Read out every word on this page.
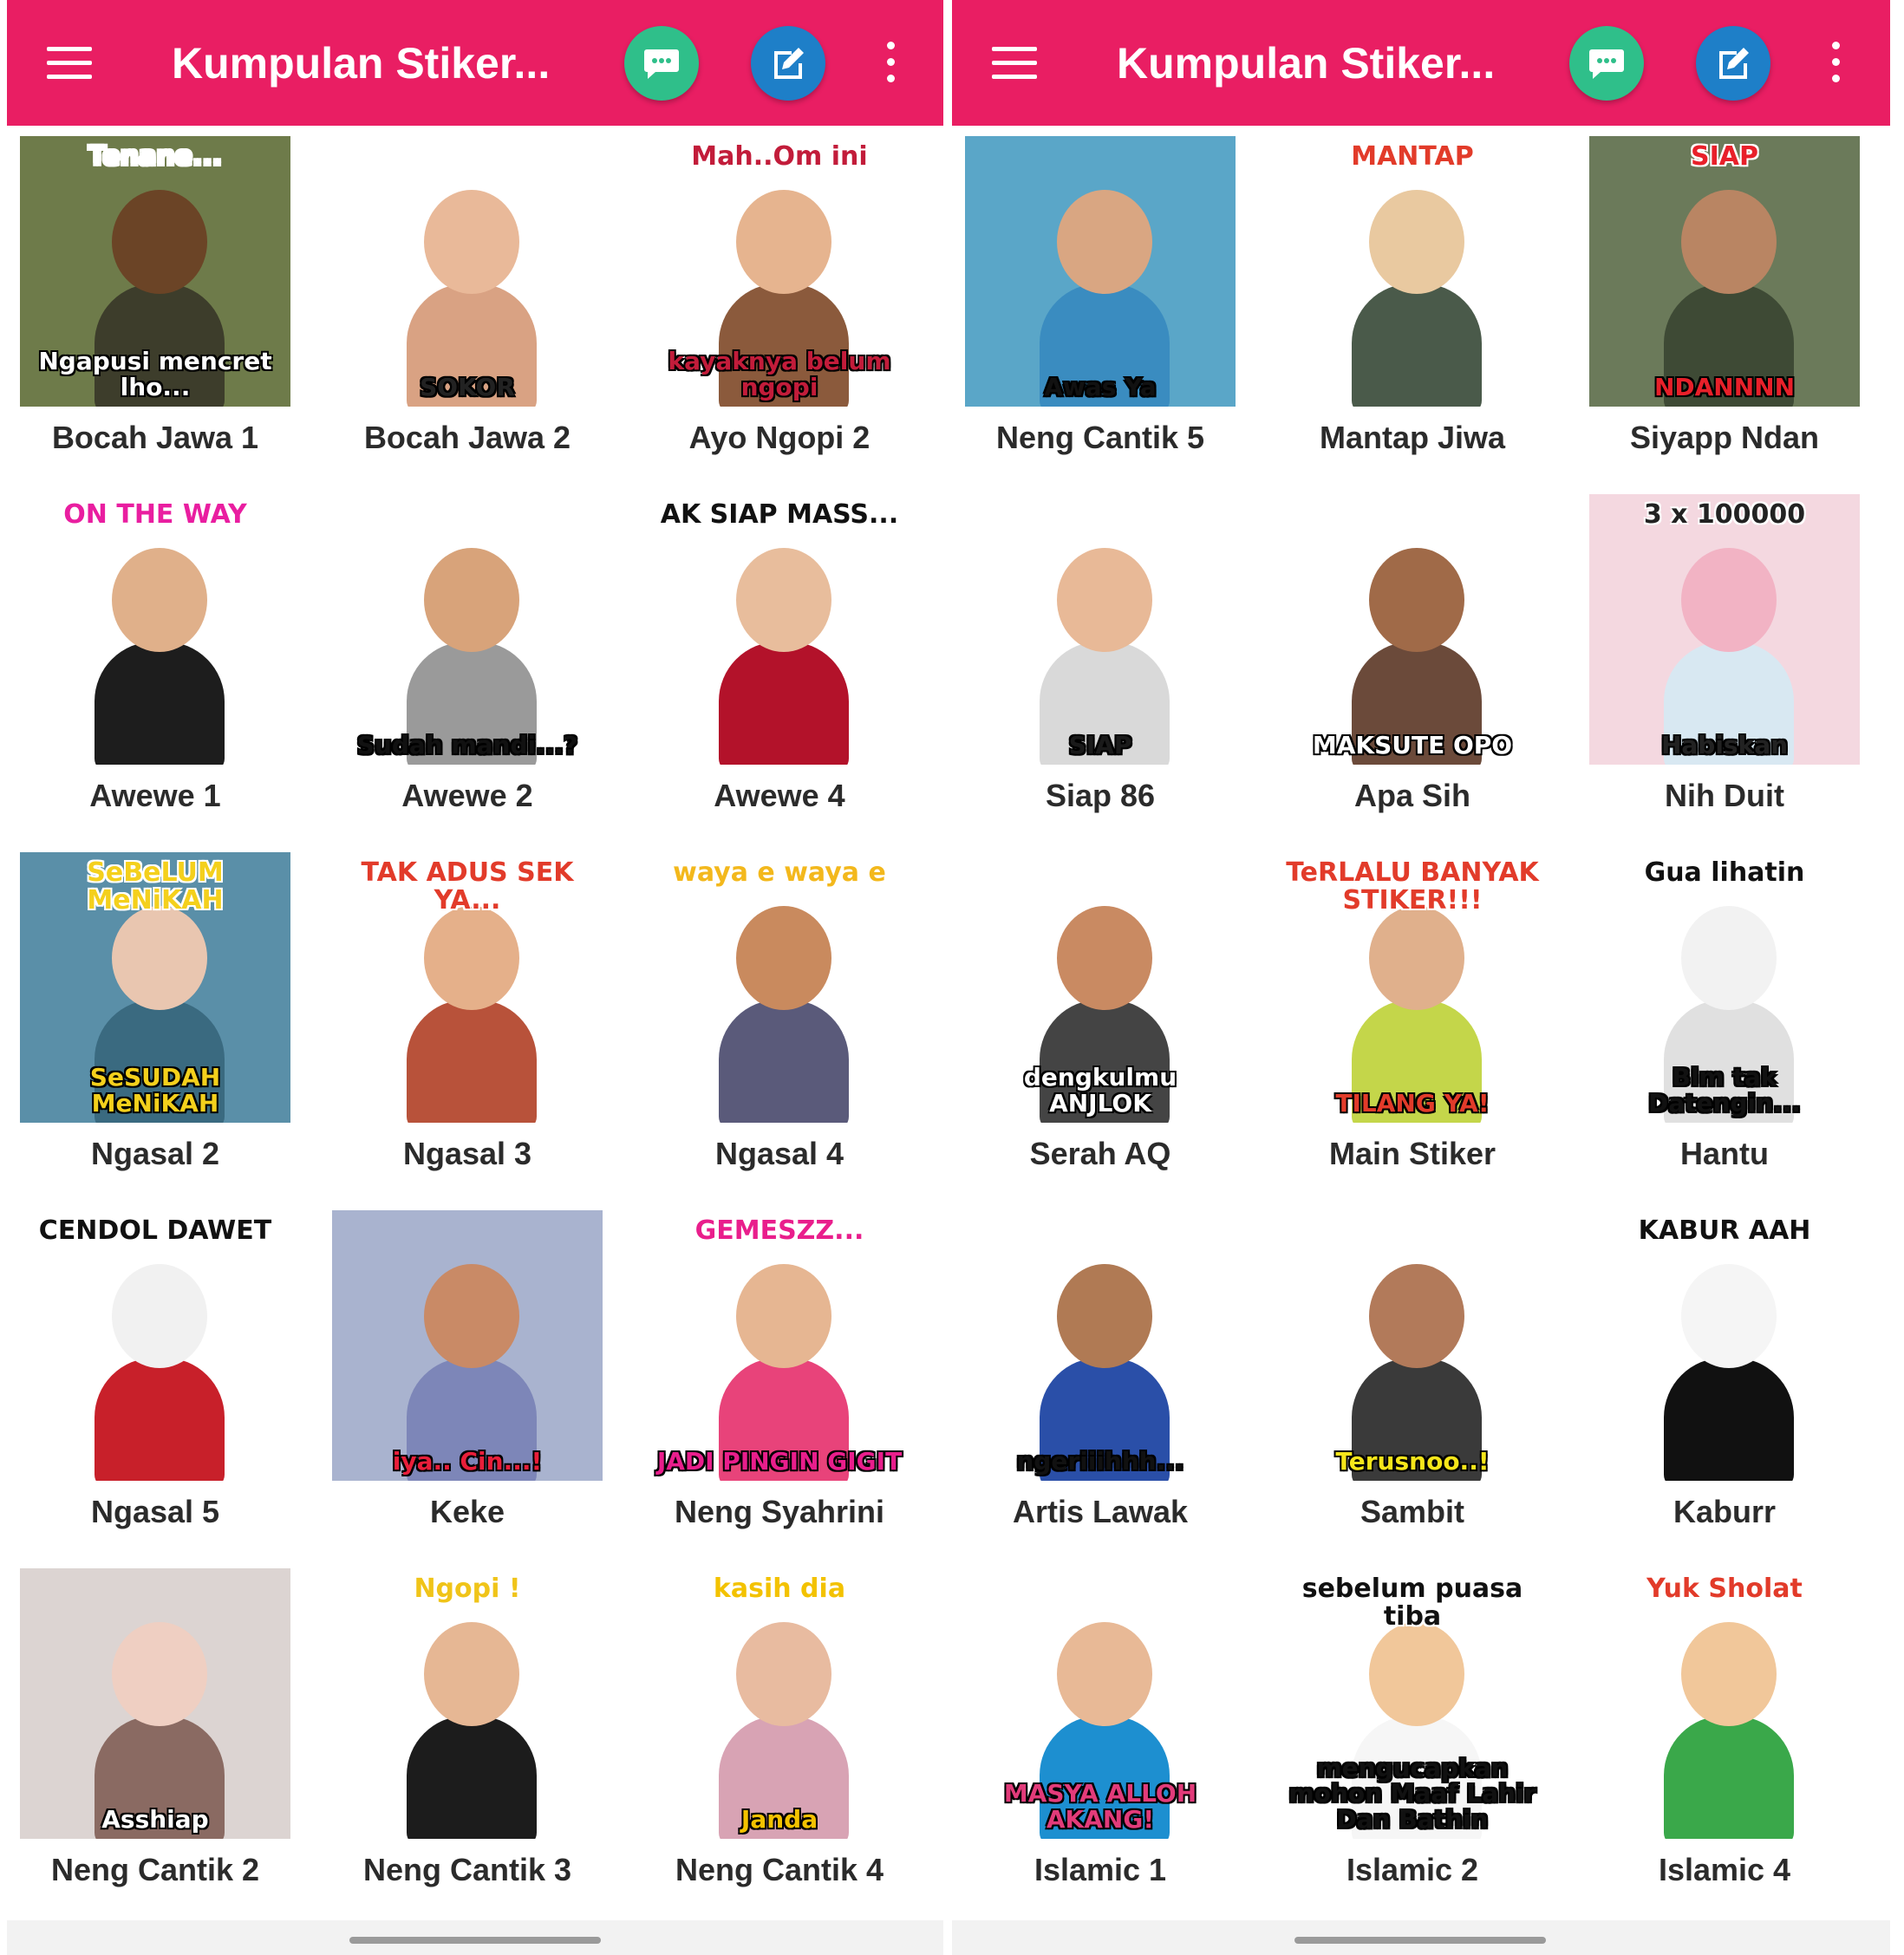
Kumpulan Stiker...
Tenane...
Ngapusi mencret lho...
Bocah Jawa 1
SOKOR
Bocah Jawa 2
Mah..Om ini
kayaknya belum ngopi
Ayo Ngopi 2
ON THE WAY
Awewe 1
Sudah mandi...?
Awewe 2
AK SIAP MASS...
Awewe 4
SeBeLUM MeNiKAH
SeSUDAH MeNiKAH
Ngasal 2
TAK ADUS SEK YA...
Ngasal 3
waya e waya e
Ngasal 4
CENDOL DAWET
Ngasal 5
iya.. Cin...!
Keke
GEMESZZ...
JADI PINGIN GIGIT
Neng Syahrini
Asshiap
Neng Cantik 2
Ngopi !
Neng Cantik 3
kasih dia
Janda
Neng Cantik 4
Kumpulan Stiker...
Awas Ya
Neng Cantik 5
MANTAP
Mantap Jiwa
SIAP
NDANNNN
Siyapp Ndan
SIAP
Siap 86
MAKSUTE OPO
Apa Sih
3 x 100000
Habiskan
Nih Duit
HaHaHa..
dengkulmu ANJLOK
Serah AQ
TeRLALU BANYAK STIKER!!!
TILANG YA!
Main Stiker
Gua lihatin
Blm tak Datengin...
Hantu
ngeriiihhh...
Artis Lawak
Terusnoo..!
Sambit
KABUR AAH
Kaburr
MASYA ALLOH AKANG!
Islamic 1
sebelum puasa tiba
mengucapkan mohon Maaf Lahir Dan Bathin
Islamic 2
Yuk Sholat
Islamic 4
